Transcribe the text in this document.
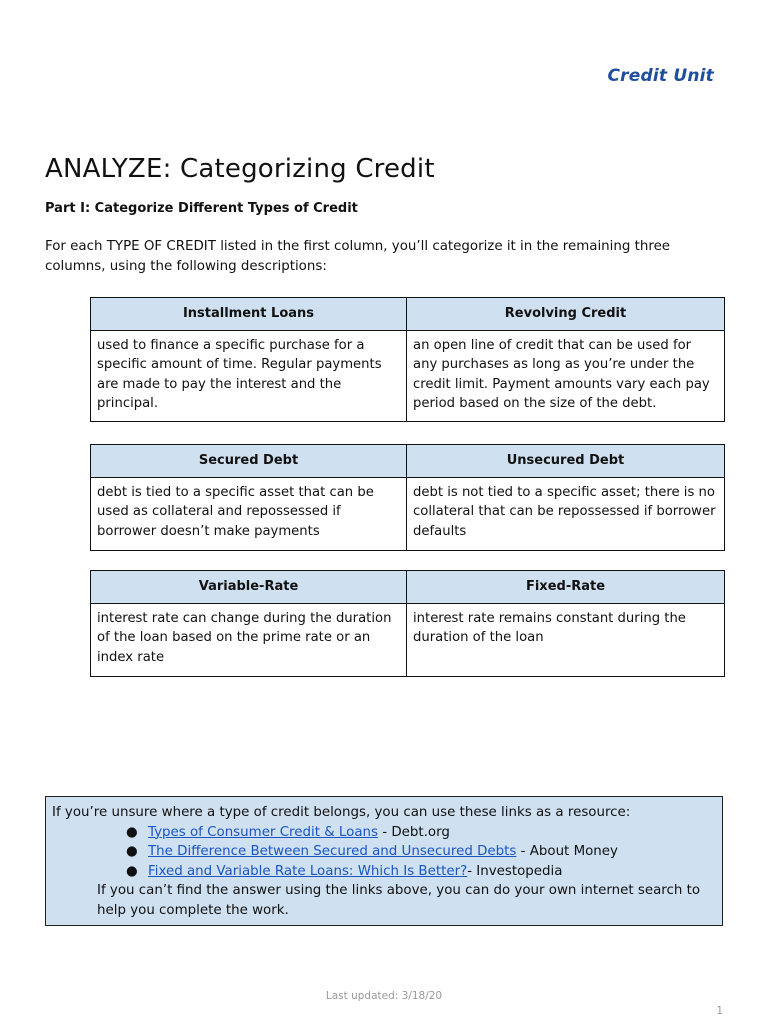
Credit Unit
ANALYZE: Categorizing Credit
Part I: Categorize Different Types of Credit

For each TYPE OF CREDIT listed in the first column, you’ll categorize it in the remaining three columns, using the following descriptions:

Installment Loans	Revolving Credit
used to finance a specific purchase for a specific amount of time. Regular payments are made to pay the interest and the principal.	an open line of credit that can be used for any purchases as long as you’re under the credit limit. Payment amounts vary each pay period based on the size of the debt.
Secured Debt	Unsecured Debt
debt is tied to a specific asset that can be used as collateral and repossessed if borrower doesn’t make payments	debt is not tied to a specific asset; there is no collateral that can be repossessed if borrower defaults
Variable-Rate	Fixed-Rate
interest rate can change during the duration of the loan based on the prime rate or an index rate	interest rate remains constant during the duration of the loan
If you’re unsure where a type of credit belongs, you can use these links as a resource:
● Types of Consumer Credit & Loans - Debt.org
● The Difference Between Secured and Unsecured Debts - About Money
● Fixed and Variable Rate Loans: Which Is Better?- Investopedia
If you can’t find the answer using the links above, you can do your own internet search to help you complete the work.
Last updated: 3/18/20
1
